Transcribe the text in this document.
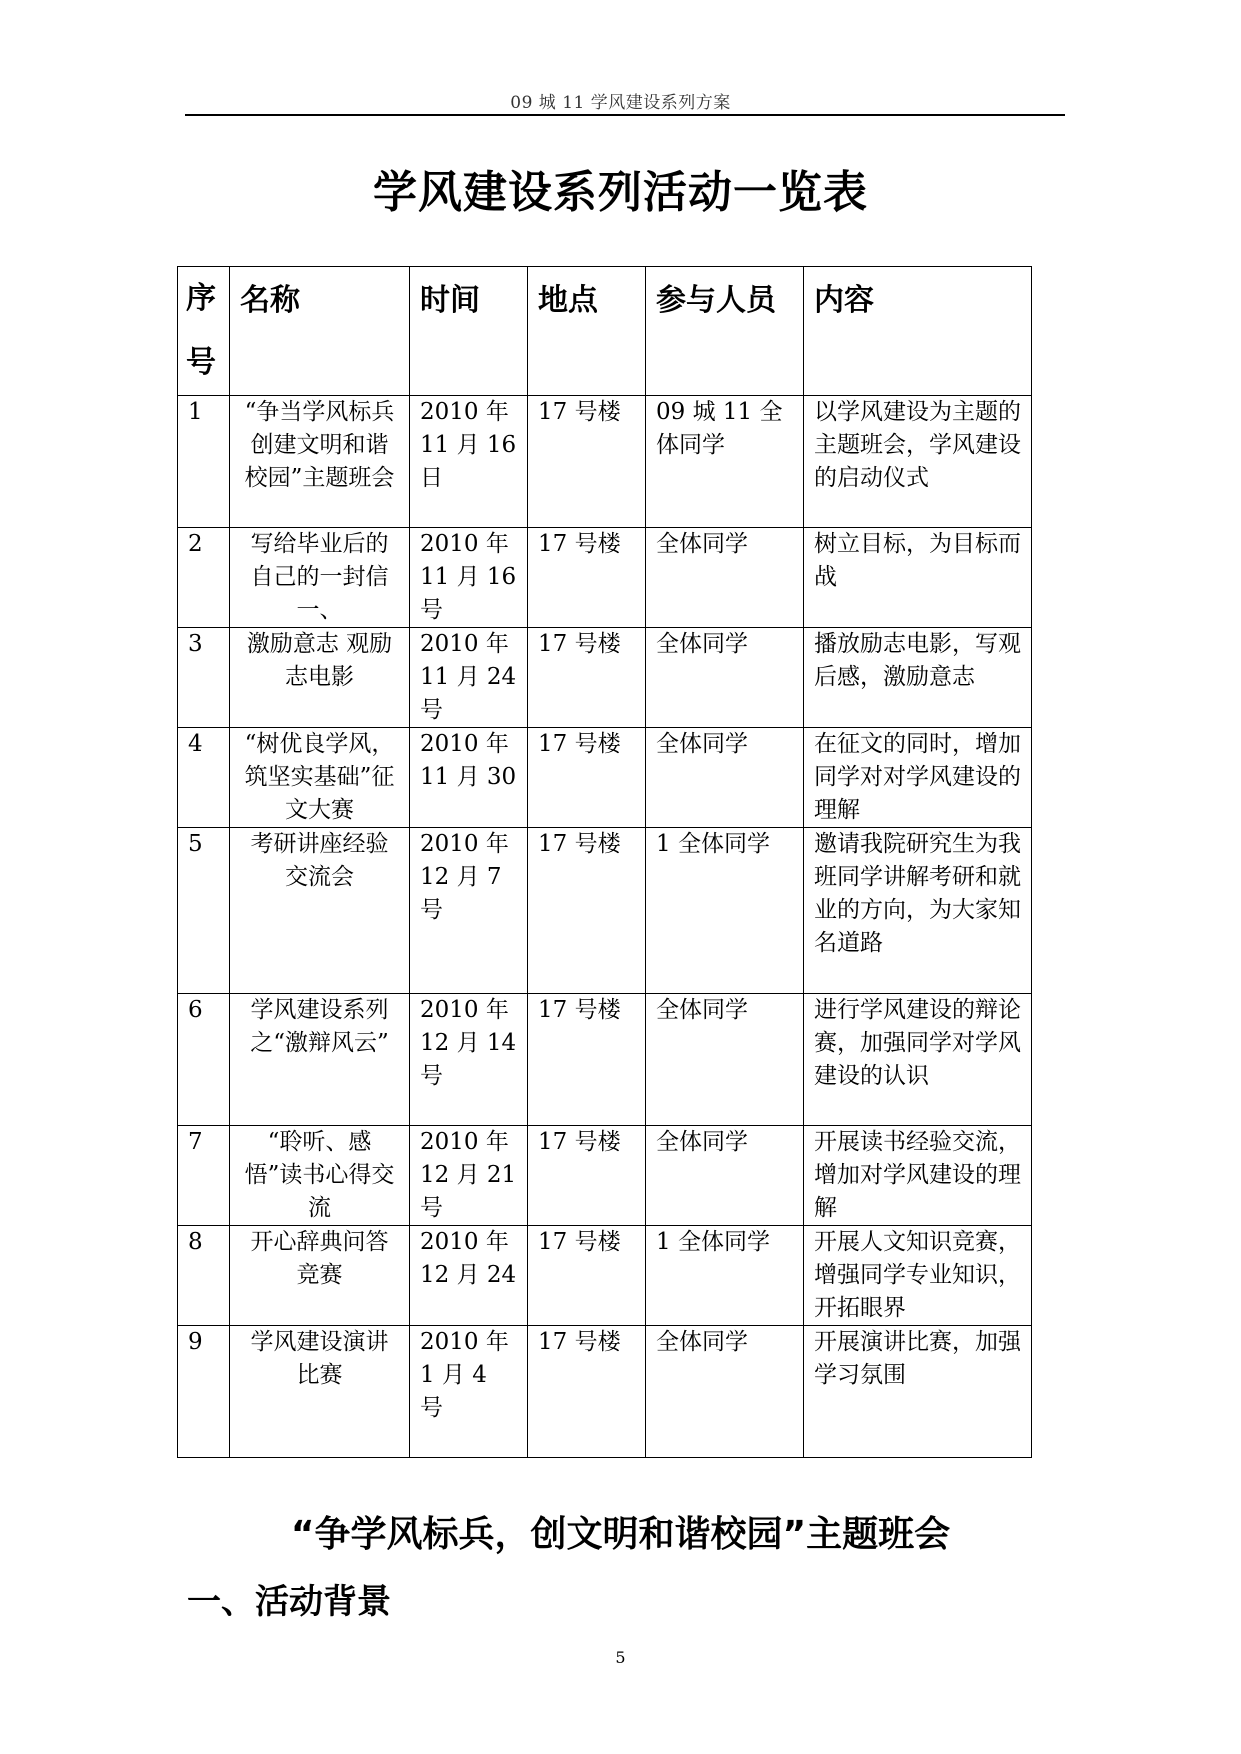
09 城 11 学风建设系列方案
学风建设系列活动一览表
序号	名称	时间	地点	参与人员	内容
1	“争当学风标兵 创建文明和谐校园”主题班会	2010 年 11 月 16 日	17 号楼	09 城 11 全体同学	以学风建设为主题的主题班会，学风建设的启动仪式
2	写给毕业后的自己的一封信一、	2010 年 11 月 16 号	17 号楼	全体同学	树立目标，为目标而战
3	激励意志 观励志电影	2010 年 11 月 24 号	17 号楼	全体同学	播放励志电影，写观后感，激励意志
4	“树优良学风，筑坚实基础”征文大赛	2010 年 11 月 30	17 号楼	全体同学	在征文的同时，增加同学对对学风建设的理解
5	考研讲座经验交流会	2010 年 12 月 7 号	17 号楼	1 全体同学	邀请我院研究生为我班同学讲解考研和就业的方向，为大家知名道路
6	学风建设系列之“激辩风云”	2010 年 12 月 14 号	17 号楼	全体同学	进行学风建设的辩论赛，加强同学对学风建设的认识
7	“聆听、感悟”读书心得交流	2010 年 12 月 21 号	17 号楼	全体同学	开展读书经验交流，增加对学风建设的理解
8	开心辞典问答竞赛	2010 年 12 月 24	17 号楼	1 全体同学	开展人文知识竞赛，增强同学专业知识，开拓眼界
9	学风建设演讲比赛	2010 年 1 月 4 号	17 号楼	全体同学	开展演讲比赛，加强学习氛围
“争学风标兵，创文明和谐校园”主题班会
一、活动背景
5
